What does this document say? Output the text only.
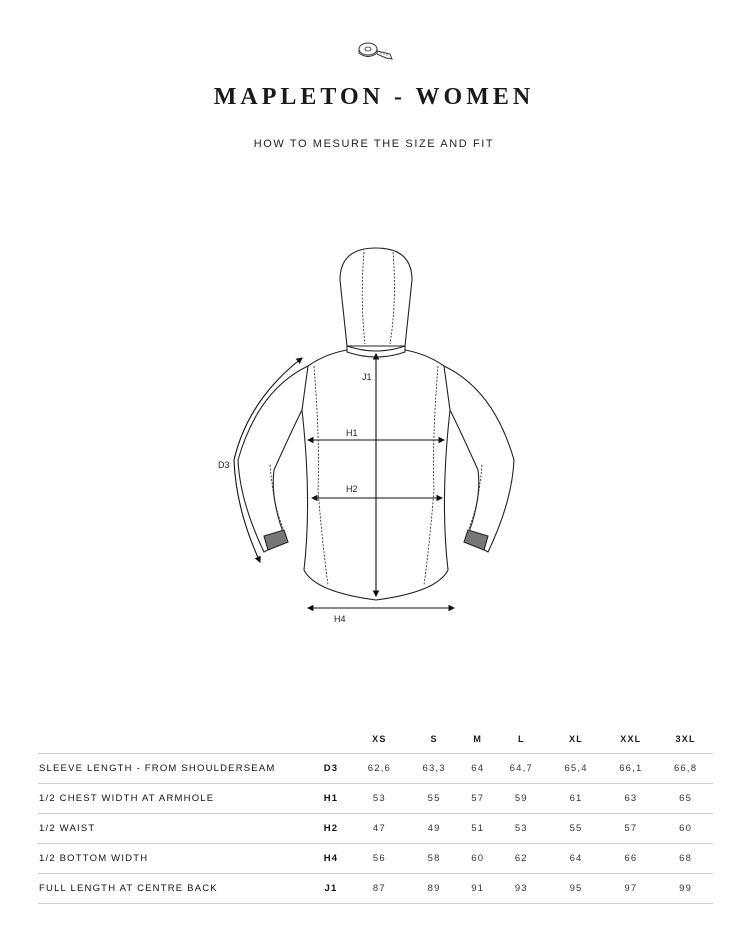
MAPLETON - WOMEN
HOW TO MESURE THE SIZE AND FIT
J1
H1
H2
H4
D3
		XS	S	M	L	XL	XXL	3XL
SLEEVE LENGTH - FROM SHOULDERSEAM	D3	62,6	63,3	64	64,7	65,4	66,1	66,8
1/2 CHEST WIDTH AT ARMHOLE	H1	53	55	57	59	61	63	65
1/2 WAIST	H2	47	49	51	53	55	57	60
1/2 BOTTOM WIDTH	H4	56	58	60	62	64	66	68
FULL LENGTH AT CENTRE BACK	J1	87	89	91	93	95	97	99
